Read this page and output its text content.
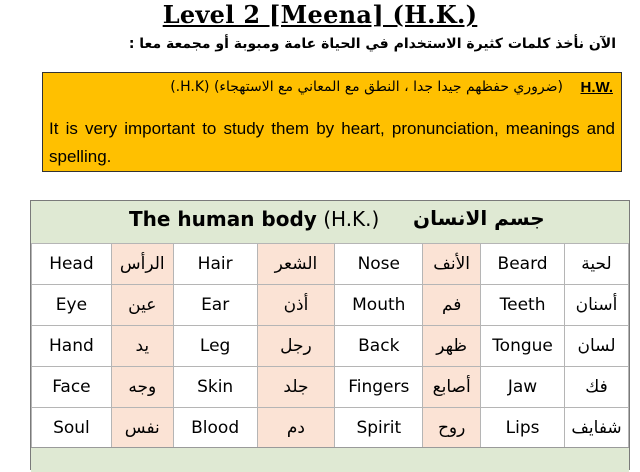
Level 2 [Meena] (H.K.)
الآن نأخذ كلمات كثيرة الاستخدام في الحياة عامة ومبوبة أو مجمعة معا :
H.W.
(ضروري حفظهم جيدا جدا ، النطق مع المعاني مع الاستهجاء) (H.K.)
It is very important to study them by heart, pronunciation, meanings and spelling.
The human body (H.K.) جسم الانسان
Head	الرأس	Hair	الشعر	Nose	الأنف	Beard	لحية
Eye	عين	Ear	أذن	Mouth	فم	Teeth	أسنان
Hand	يد	Leg	رجل	Back	ظهر	Tongue	لسان
Face	وجه	Skin	جلد	Fingers	أصابع	Jaw	فك
Soul	نفس	Blood	دم	Spirit	روح	Lips	شفايف
